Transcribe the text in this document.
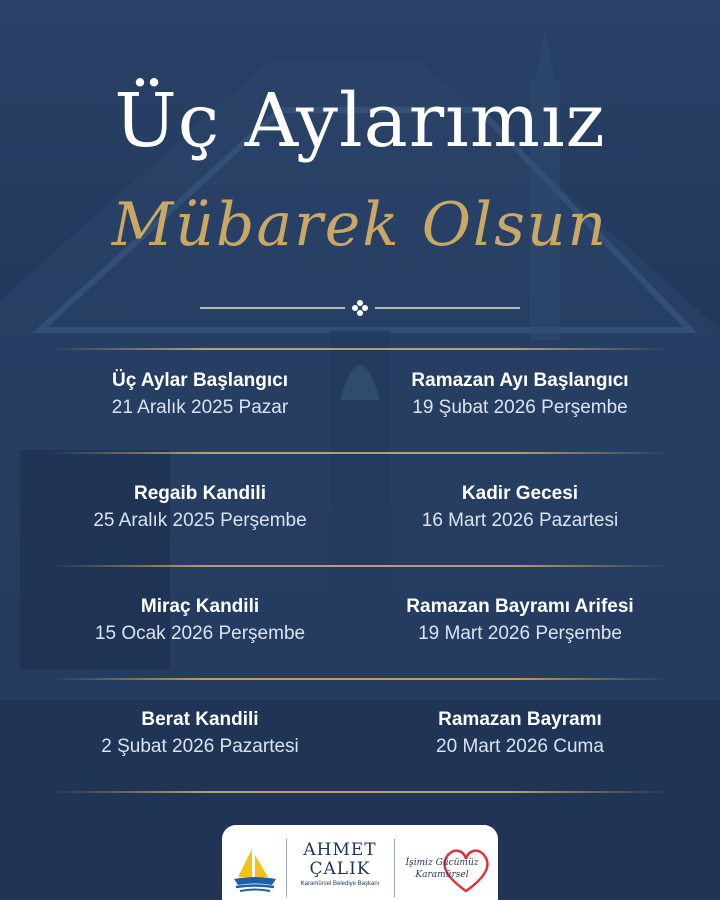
Üç Aylarımız
Mübarek Olsun
Üç Aylar Başlangıcı
21 Aralık 2025 Pazar
Ramazan Ayı Başlangıcı
19 Şubat 2026 Perşembe
Regaib Kandili
25 Aralık 2025 Perşembe
Kadir Gecesi
16 Mart 2026 Pazartesi
Miraç Kandili
15 Ocak 2026 Perşembe
Ramazan Bayramı Arifesi
19 Mart 2026 Perşembe
Berat Kandili
2 Şubat 2026 Pazartesi
Ramazan Bayramı
20 Mart 2026 Cuma
AHMET
ÇALIK
Karamürsel Belediye Başkanı
İşimiz Gücümüz
Karamürsel
